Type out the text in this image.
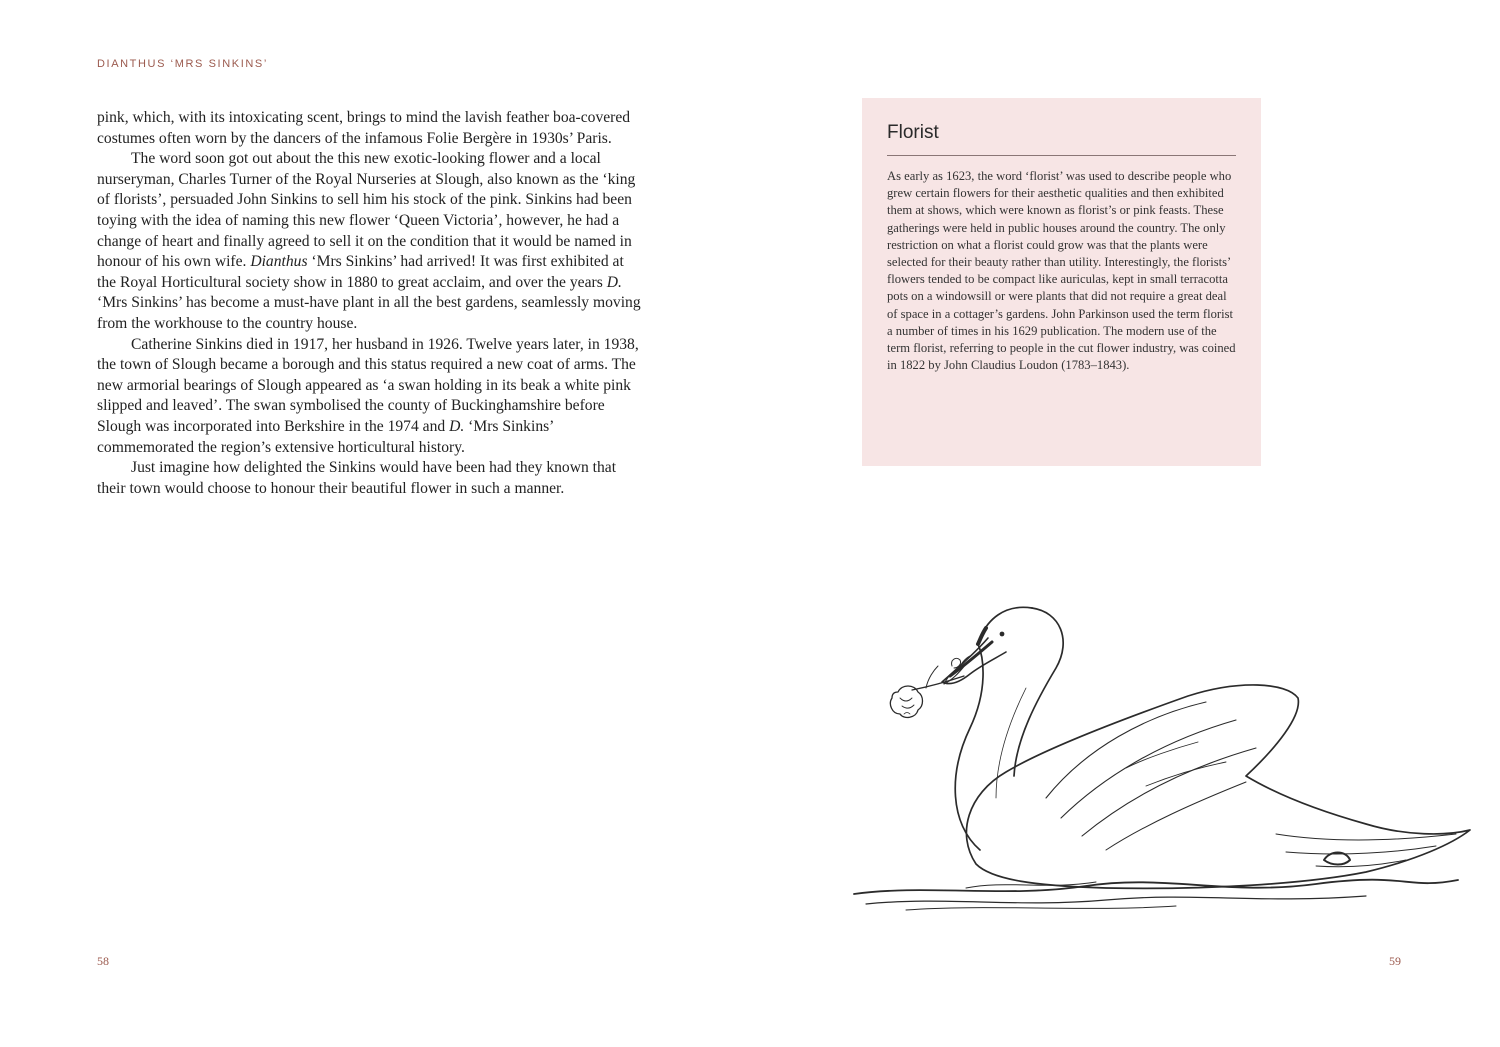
DIANTHUS ‘MRS SINKINS’

pink, which, with its intoxicating scent, brings to mind the lavish feather boa-covered costumes often worn by the dancers of the infamous Folie Bergère in 1930s’ Paris.

The word soon got out about the this new exotic-looking flower and a local nurseryman, Charles Turner of the Royal Nurseries at Slough, also known as the ‘king of florists’, persuaded John Sinkins to sell him his stock of the pink. Sinkins had been toying with the idea of naming this new flower ‘Queen Victoria’, however, he had a change of heart and finally agreed to sell it on the condition that it would be named in honour of his own wife. Dianthus ‘Mrs Sinkins’ had arrived! It was first exhibited at the Royal Horticultural society show in 1880 to great acclaim, and over the years D. ‘Mrs Sinkins’ has become a must-have plant in all the best gardens, seamlessly moving from the workhouse to the country house.

Catherine Sinkins died in 1917, her husband in 1926. Twelve years later, in 1938, the town of Slough became a borough and this status required a new coat of arms. The new armorial bearings of Slough appeared as ‘a swan holding in its beak a white pink slipped and leaved’. The swan symbolised the county of Buckinghamshire before Slough was incorporated into Berkshire in the 1974 and D. ‘Mrs Sinkins’ commemorated the region’s extensive horticultural history.

Just imagine how delighted the Sinkins would have been had they known that their town would choose to honour their beautiful flower in such a manner.

58
Florist

As early as 1623, the word ‘florist’ was used to describe people who grew certain flowers for their aesthetic qualities and then exhibited them at shows, which were known as florist’s or pink feasts. These gatherings were held in public houses around the country. The only restriction on what a florist could grow was that the plants were selected for their beauty rather than utility. Interestingly, the florists’ flowers tended to be compact like auriculas, kept in small terracotta pots on a windowsill or were plants that did not require a great deal of space in a cottager’s gardens. John Parkinson used the term florist a number of times in his 1629 publication. The modern use of the term florist, referring to people in the cut flower industry, was coined in 1822 by John Claudius Loudon (1783–1843).

59
